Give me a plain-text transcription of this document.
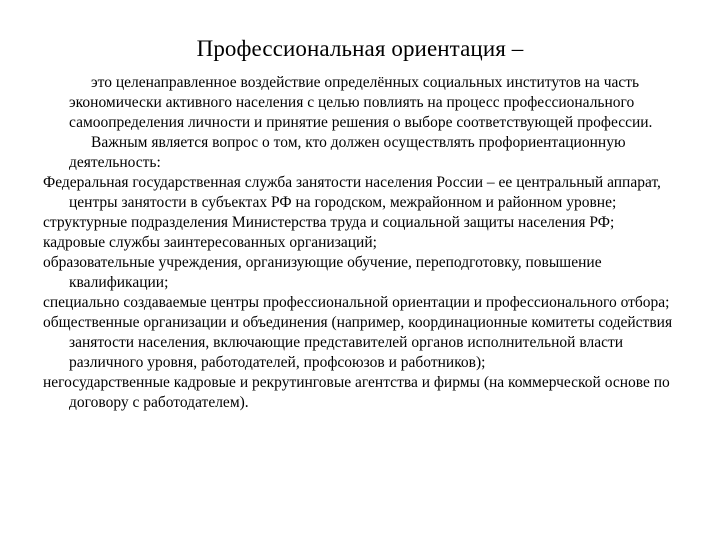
Профессиональная ориентация –

это целенаправленное воздействие определённых социальных институтов на часть экономически активного населения с целью повлиять на процесс профессионального самоопределения личности и принятие решения о выборе соответствующей профессии.

Важным является вопрос о том, кто должен осуществлять профориентационную деятельность:

Федеральная государственная служба занятости населения России – ее центральный аппарат, центры занятости в субъектах РФ на городском, межрайонном и районном уровне;

структурные подразделения Министерства труда и социальной защиты населения РФ;

кадровые службы заинтересованных организаций;

образовательные учреждения, организующие обучение, переподготовку, повышение квалификации;

специально создаваемые центры профессиональной ориентации и профессионального отбора;

общественные организации и объединения (например, координационные комитеты содействия занятости населения, включающие представителей органов исполнительной власти различного уровня, работодателей, профсоюзов и работников);

негосударственные кадровые и рекрутинговые агентства и фирмы (на коммерческой основе по договору с работодателем).
